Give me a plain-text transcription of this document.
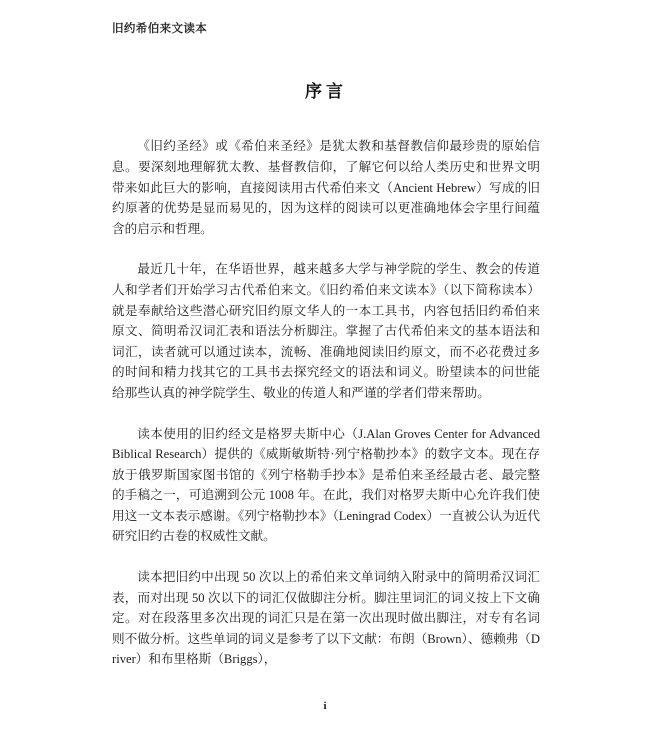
旧约希伯来文读本
序言

《旧约圣经》或《希伯来圣经》是犹太教和基督教信仰最珍贵的原始信息。要深刻地理解犹太教、基督教信仰，了解它何以给人类历史和世界文明带来如此巨大的影响，直接阅读用古代希伯来文（Ancient Hebrew）写成的旧约原著的优势是显而易见的，因为这样的阅读可以更准确地体会字里行间蕴含的启示和哲理。

最近几十年，在华语世界，越来越多大学与神学院的学生、教会的传道人和学者们开始学习古代希伯来文。《旧约希伯来文读本》（以下简称读本）就是奉献给这些潜心研究旧约原文华人的一本工具书，内容包括旧约希伯来原文、简明希汉词汇表和语法分析脚注。掌握了古代希伯来文的基本语法和词汇，读者就可以通过读本，流畅、准确地阅读旧约原文，而不必花费过多的时间和精力找其它的工具书去探究经文的语法和词义。盼望读本的问世能给那些认真的神学院学生、敬业的传道人和严谨的学者们带来帮助。

读本使用的旧约经文是格罗夫斯中心（J.Alan Groves Center for Advanced Biblical Research）提供的《威斯敏斯特·列宁格勒抄本》的数字文本。现在存放于俄罗斯国家图书馆的《列宁格勒手抄本》是希伯来圣经最古老、最完整的手稿之一，可追溯到公元 1008 年。在此，我们对格罗夫斯中心允许我们使用这一文本表示感谢。《列宁格勒抄本》（Leningrad Codex）一直被公认为近代研究旧约古卷的权威性文献。

读本把旧约中出现 50 次以上的希伯来文单词纳入附录中的简明希汉词汇表，而对出现 50 次以下的词汇仅做脚注分析。脚注里词汇的词义按上下文确定。对在段落里多次出现的词汇只是在第一次出现时做出脚注，对专有名词则不做分析。这些单词的词义是参考了以下文献：布朗（Brown）、德赖弗（Driver）和布里格斯（Briggs），

i
